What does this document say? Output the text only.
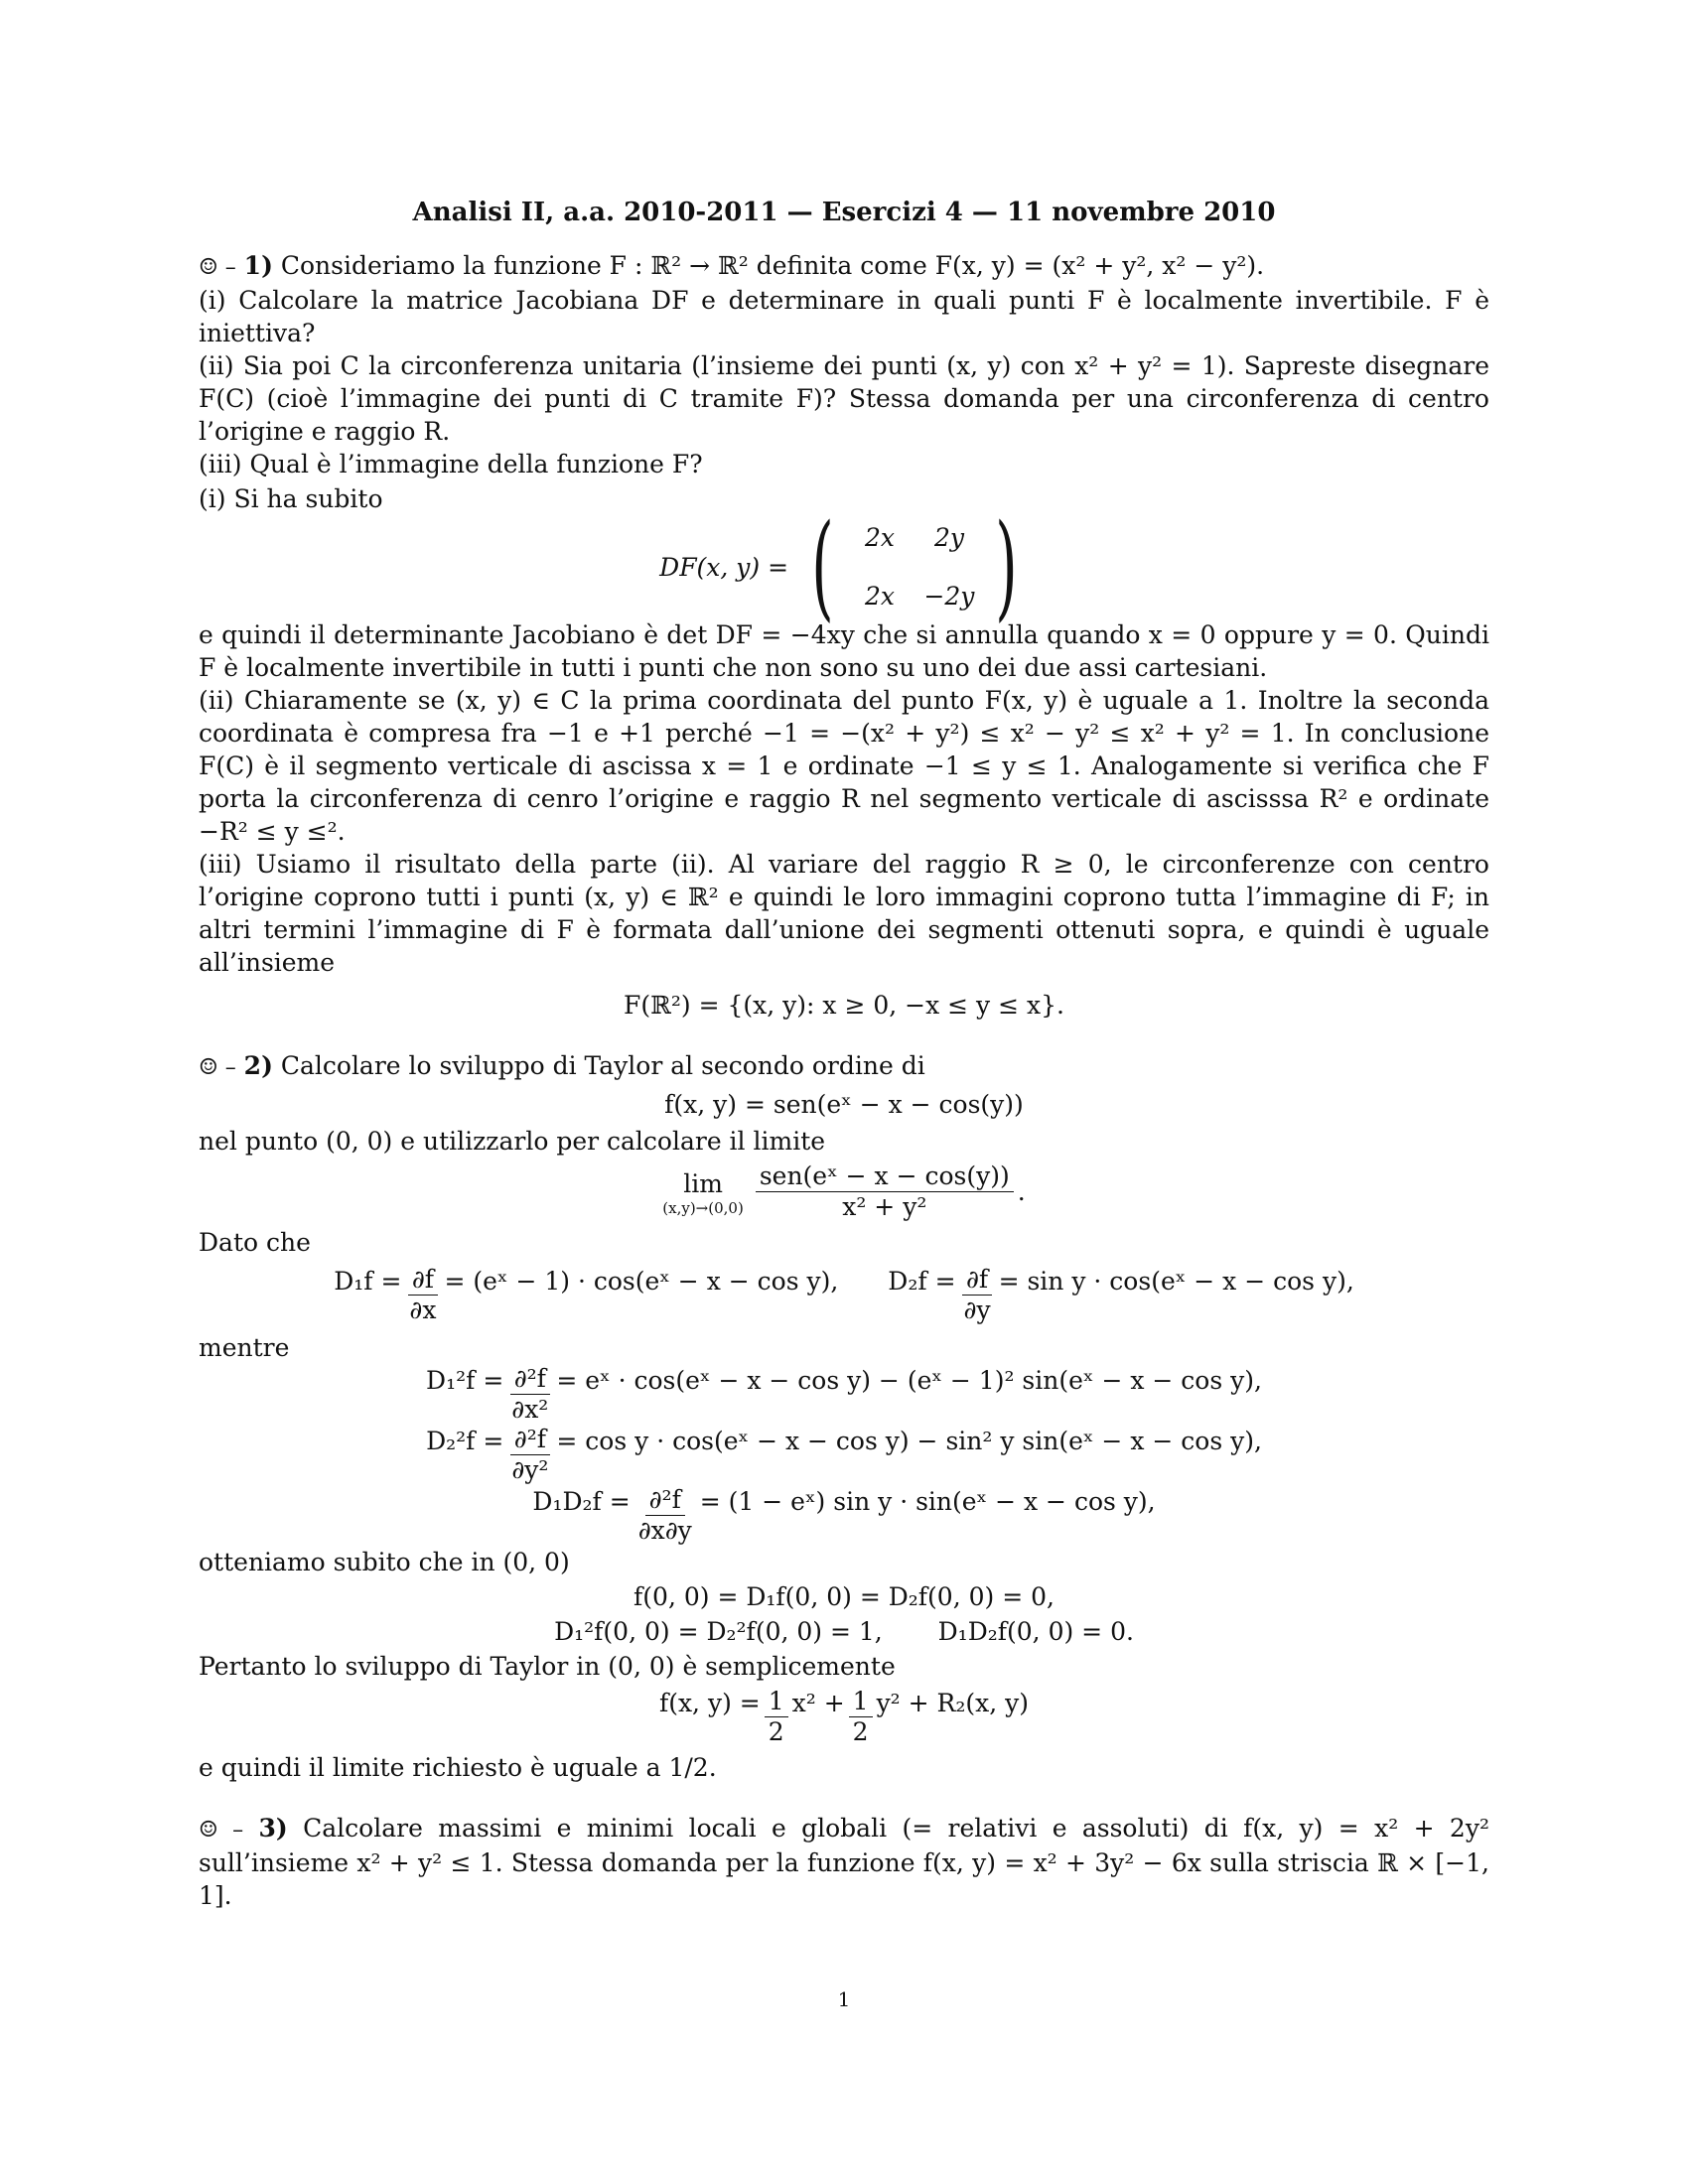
Analisi II, a.a. 2010-2011 — Esercizi 4 — 11 novembre 2010

☺ – 1) Consideriamo la funzione F : ℝ² → ℝ² definita come F(x, y) = (x² + y², x² − y²).

(i) Calcolare la matrice Jacobiana DF e determinare in quali punti F è localmente invertibile. F è iniettiva?

(ii) Sia poi C la circonferenza unitaria (l’insieme dei punti (x, y) con x² + y² = 1). Sapreste disegnare F(C) (cioè l’immagine dei punti di C tramite F)? Stessa domanda per una circonferenza di centro l’origine e raggio R.

(iii) Qual è l’immagine della funzione F?

(i) Si ha subito

DF(x, y) = (	2x	2y
2x	−2y )

e quindi il determinante Jacobiano è det DF = −4xy che si annulla quando x = 0 oppure y = 0. Quindi F è localmente invertibile in tutti i punti che non sono su uno dei due assi cartesiani.

(ii) Chiaramente se (x, y) ∈ C la prima coordinata del punto F(x, y) è uguale a 1. Inoltre la seconda coordinata è compresa fra −1 e +1 perché −1 = −(x² + y²) ≤ x² − y² ≤ x² + y² = 1. In conclusione F(C) è il segmento verticale di ascissa x = 1 e ordinate −1 ≤ y ≤ 1. Analogamente si verifica che F porta la circonferenza di cenro l’origine e raggio R nel segmento verticale di ascisssa R² e ordinate −R² ≤ y ≤².

(iii) Usiamo il risultato della parte (ii). Al variare del raggio R ≥ 0, le circonferenze con centro l’origine coprono tutti i punti (x, y) ∈ ℝ² e quindi le loro immagini coprono tutta l’immagine di F; in altri termini l’immagine di F è formata dall’unione dei segmenti ottenuti sopra, e quindi è uguale all’insieme

F(ℝ²) = {(x, y): x ≥ 0, −x ≤ y ≤ x}.

☺ – 2) Calcolare lo sviluppo di Taylor al secondo ordine di

f(x, y) = sen(eˣ − x − cos(y))

nel punto (0, 0) e utilizzarlo per calcolare il limite

lim
$(x,y)\to(0,0) \frac{\text{sen(eˣ − x − cos(y))}}{\text{x² + y²}}$ .

Dato che

$D_1f = \frac{\partial f}{\partial x}$ = (eˣ − 1) · cos(eˣ − x − cos y), $D_2f = \frac{\partial f}{\partial y} = \sin y$ · cos(eˣ − x − cos y),

mentre

$D_1^2f = \frac{\text{∂²f}}{\text{∂x²}}$ = eˣ · cos(eˣ − x − cos y) − (eˣ − 1)² sin(eˣ − x − cos y),
$D_2^2f = \frac{\text{∂²f}}{\text{∂y²}} = \cos y$ · cos(eˣ − x − cos y) − sin² y sin(eˣ − x − cos y),
$D_1D_2f = \frac{\text{∂²f}}{\partial x\partial y} = (1$ − eˣ) sin y · sin(eˣ − x − cos y),

otteniamo subito che in (0, 0)

f(0, 0) = D₁f(0, 0) = D₂f(0, 0) = 0,
D₁²f(0, 0) = D₂²f(0, 0) = 1, D₁D₂f(0, 0) = 0.

Pertanto lo sviluppo di Taylor in (0, 0) è semplicemente

f(x, $y) = \frac{1}{2} x^2 + \frac{1}{2} y^2 + R_2(x$, y)

e quindi il limite richiesto è uguale a 1/2.

☺ – 3) Calcolare massimi e minimi locali e globali (= relativi e assoluti) di f(x, y) = x² + 2y² sull’insieme x² + y² ≤ 1. Stessa domanda per la funzione f(x, y) = x² + 3y² − 6x sulla striscia ℝ × [−1, 1].

1
